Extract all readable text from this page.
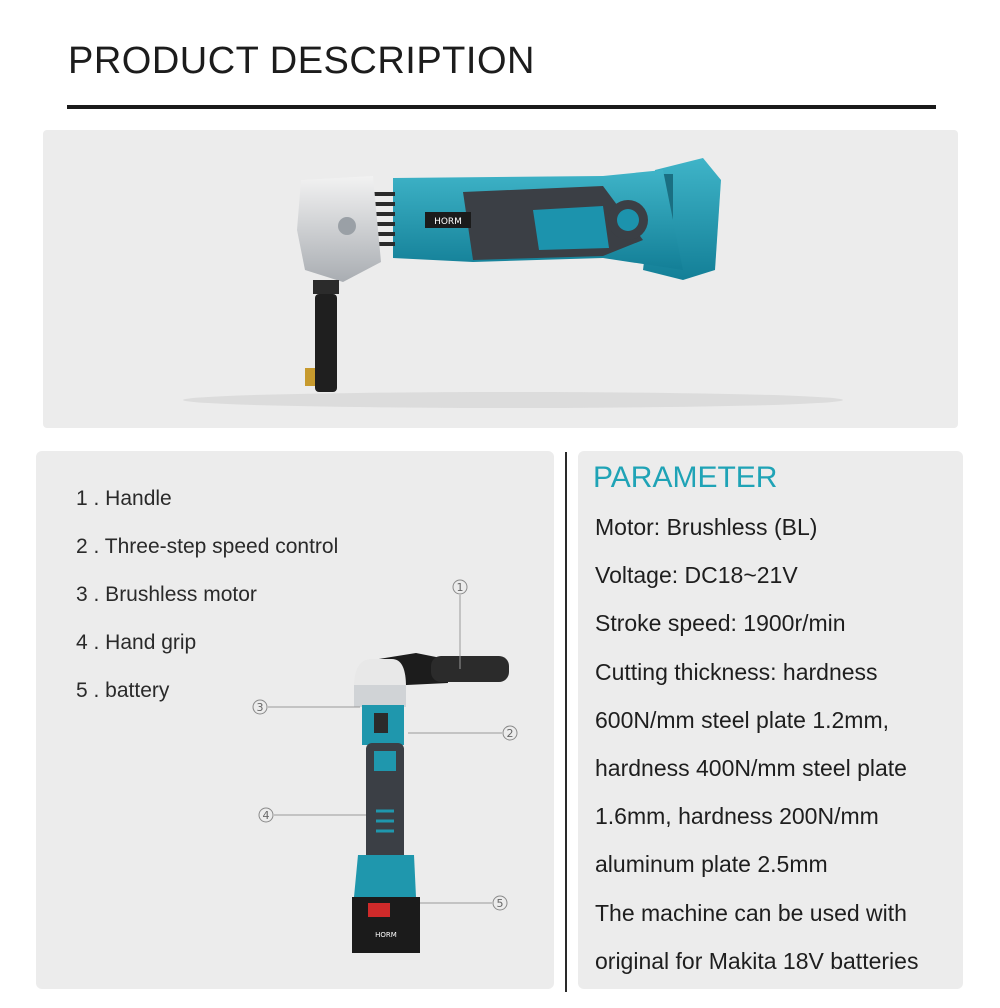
PRODUCT DESCRIPTION
HORM
1 . Handle
2 . Three-step speed control
3 . Brushless motor
4 . Hand grip
5 . battery
HORM
1
2
3
4
5
PARAMETER
Motor: Brushless (BL)
Voltage: DC18~21V
Stroke speed: 1900r/min
Cutting thickness: hardness
600N/mm steel plate 1.2mm,
hardness 400N/mm steel plate
1.6mm, hardness 200N/mm
aluminum plate 2.5mm
The machine can be used with
original for Makita 18V batteries
